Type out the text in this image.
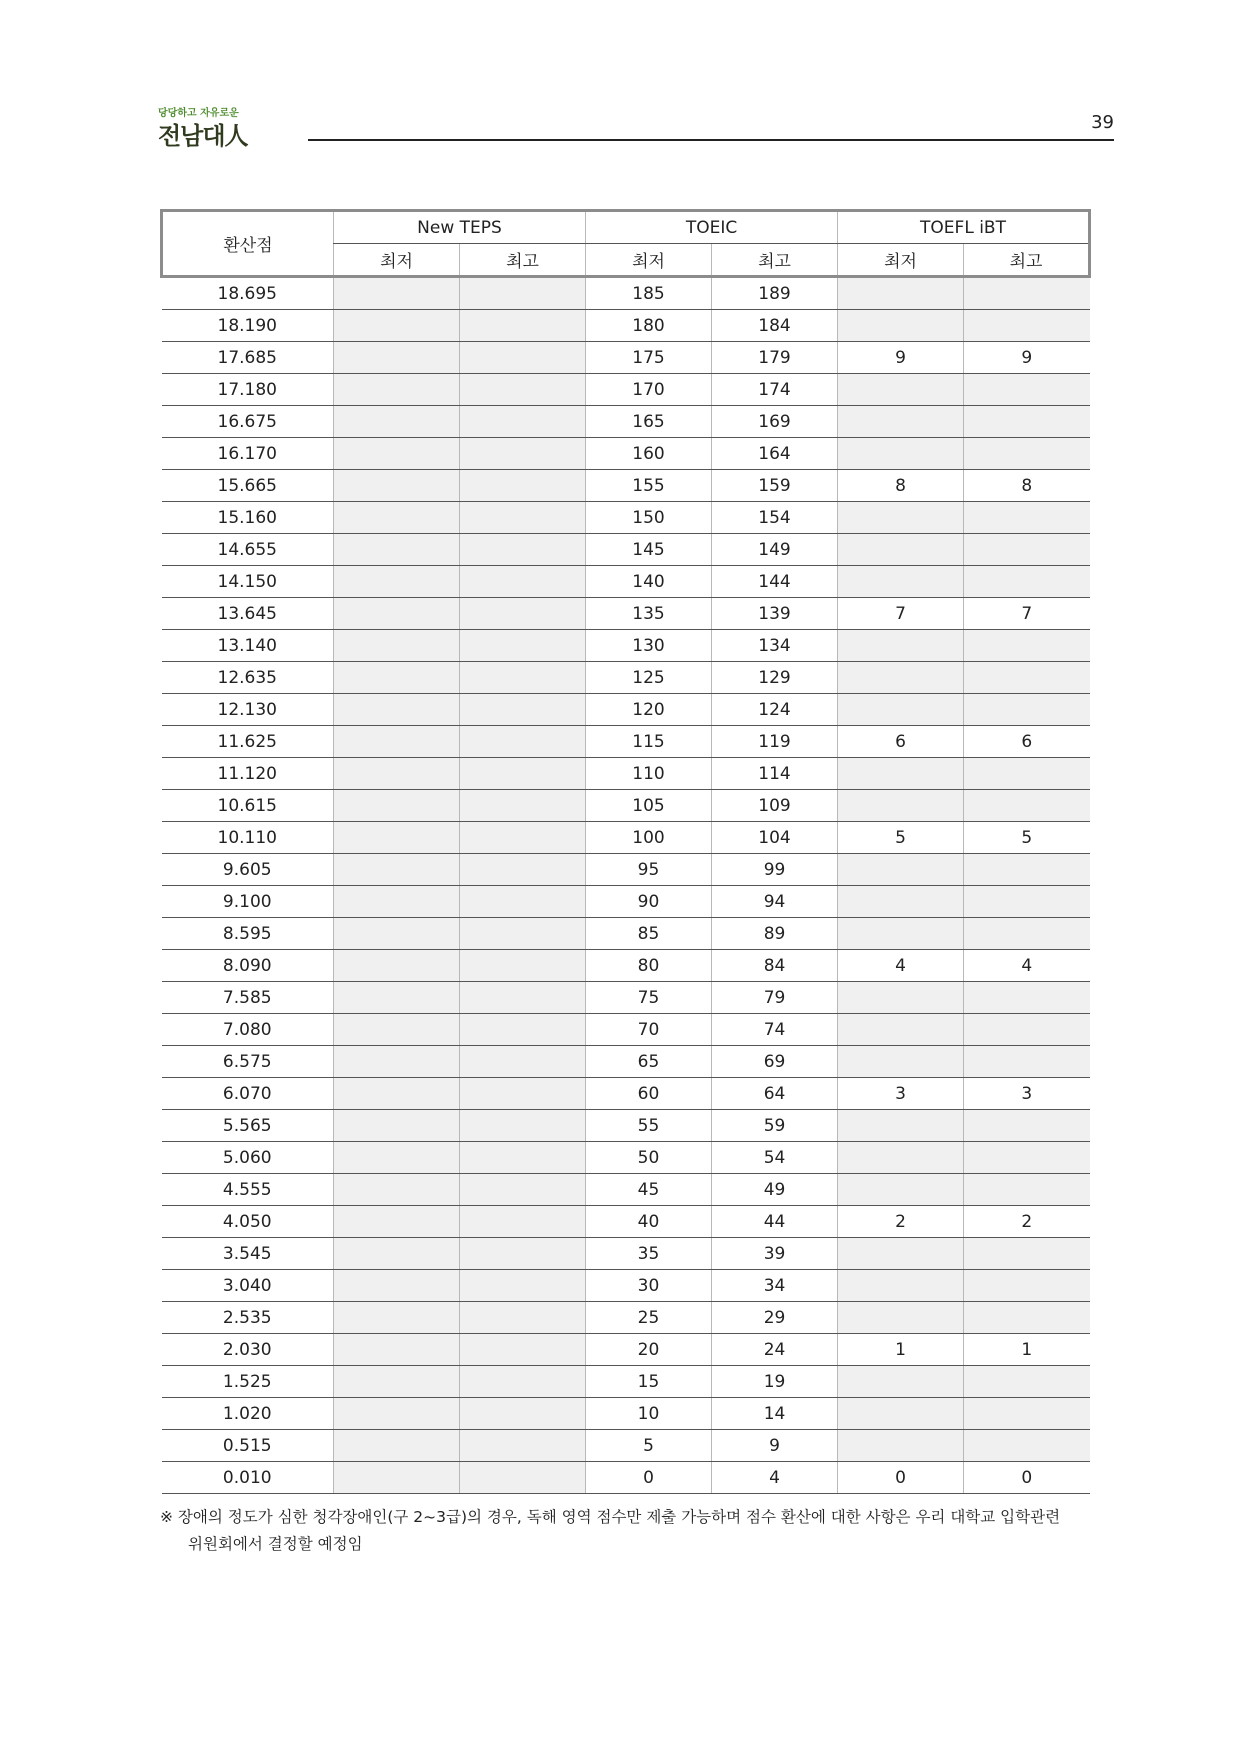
당당하고 자유로운
전남대人	39
환산점	New TEPS		TOEIC		TOEFL iBT	
	최저	최고	최저	최고	최저	최고
18.695			185	189		
18.190			180	184		
17.685			175	179	9	9
17.180			170	174		
16.675			165	169		
16.170			160	164		
15.665			155	159	8	8
15.160			150	154		
14.655			145	149		
14.150			140	144		
13.645			135	139	7	7
13.140			130	134		
12.635			125	129		
12.130			120	124		
11.625			115	119	6	6
11.120			110	114		
10.615			105	109		
10.110			100	104	5	5
9.605			95	99		
9.100			90	94		
8.595			85	89		
8.090			80	84	4	4
7.585			75	79		
7.080			70	74		
6.575			65	69		
6.070			60	64	3	3
5.565			55	59		
5.060			50	54		
4.555			45	49		
4.050			40	44	2	2
3.545			35	39		
3.040			30	34		
2.535			25	29		
2.030			20	24	1	1
1.525			15	19		
1.020			10	14		
0.515			5	9		
0.010			0	4	0	0
※ 장애의 정도가 심한 청각장애인(구 2~3급)의 경우, 독해 영역 점수만 제출 가능하며 점수 환산에 대한 사항은 우리 대학교 입학관련
위원회에서 결정할 예정임
